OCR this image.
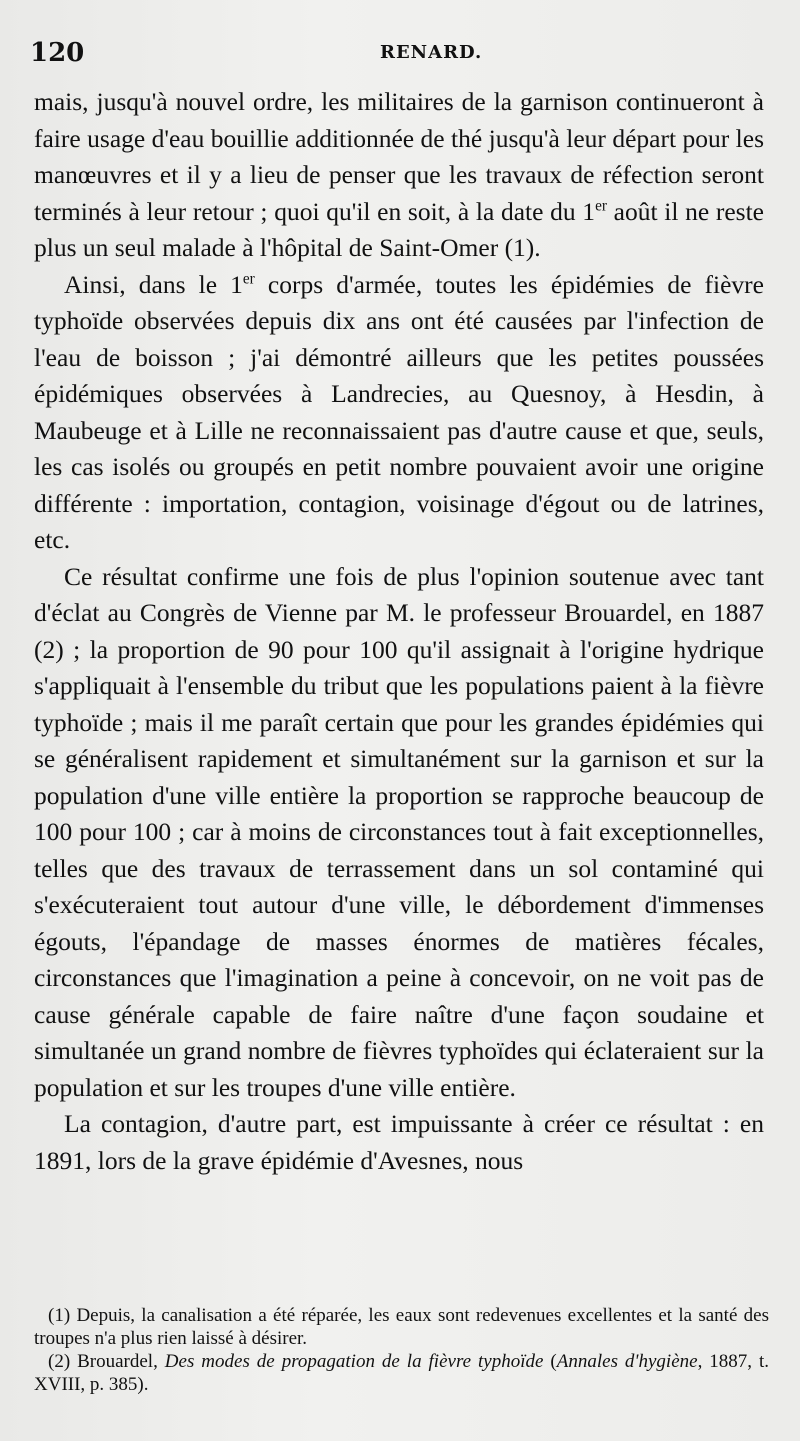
120	RENARD.

mais, jusqu'à nouvel ordre, les militaires de la garnison continueront à faire usage d'eau bouillie additionnée de thé jusqu'à leur départ pour les manœuvres et il y a lieu de penser que les travaux de réfection seront terminés à leur retour ; quoi qu'il en soit, à la date du 1er août il ne reste plus un seul malade à l'hôpital de Saint-Omer (1).

Ainsi, dans le 1er corps d'armée, toutes les épidémies de fièvre typhoïde observées depuis dix ans ont été causées par l'infection de l'eau de boisson ; j'ai démontré ailleurs que les petites poussées épidémiques observées à Landrecies, au Quesnoy, à Hesdin, à Maubeuge et à Lille ne reconnaissaient pas d'autre cause et que, seuls, les cas isolés ou groupés en petit nombre pouvaient avoir une origine différente : importation, contagion, voisinage d'égout ou de latrines, etc.

Ce résultat confirme une fois de plus l'opinion soutenue avec tant d'éclat au Congrès de Vienne par M. le professeur Brouardel, en 1887 (2) ; la proportion de 90 pour 100 qu'il assignait à l'origine hydrique s'appliquait à l'ensemble du tribut que les populations paient à la fièvre typhoïde ; mais il me paraît certain que pour les grandes épidémies qui se généralisent rapidement et simultanément sur la garnison et sur la population d'une ville entière la proportion se rapproche beaucoup de 100 pour 100 ; car à moins de circonstances tout à fait exceptionnelles, telles que des travaux de terrassement dans un sol contaminé qui s'exécuteraient tout autour d'une ville, le débordement d'immenses égouts, l'épandage de masses énormes de matières fécales, circonstances que l'imagination a peine à concevoir, on ne voit pas de cause générale capable de faire naître d'une façon soudaine et simultanée un grand nombre de fièvres typhoïdes qui éclateraient sur la population et sur les troupes d'une ville entière.

La contagion, d'autre part, est impuissante à créer ce résultat : en 1891, lors de la grave épidémie d'Avesnes, nous

(1) Depuis, la canalisation a été réparée, les eaux sont redevenues excellentes et la santé des troupes n'a plus rien laissé à désirer.

(2) Brouardel, Des modes de propagation de la fièvre typhoïde (Annales d'hygiène, 1887, t. XVIII, p. 385).
